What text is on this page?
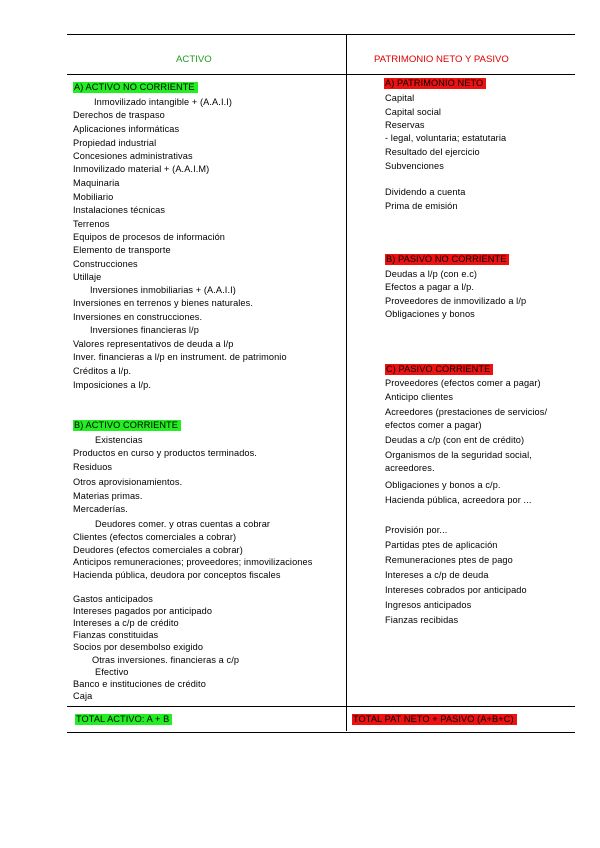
ACTIVO	PATRIMONIO NETO Y PASIVO
A) ACTIVO NO CORRIENTE
Inmovilizado intangible + (A.A.I.I)
Derechos de traspaso
Aplicaciones informáticas
Propiedad industrial
Concesiones administrativas
Inmovilizado material + (A.A.I.M)
Maquinaria
Mobiliario
Instalaciones técnicas
Terrenos
Equipos de procesos de información
Elemento de transporte
Construcciones
Utillaje
Inversiones inmobiliarias + (A.A.I.I)
Inversiones en terrenos y bienes naturales.
Inversiones en construcciones.
Inversiones financieras l/p
Valores representativos de deuda a l/p
Inver. financieras a l/p en instrument. de patrimonio
Créditos a l/p.
Imposiciones a l/p.
B) ACTIVO CORRIENTE
Existencias
Productos en curso y productos terminados.
Residuos
Otros aprovisionamientos.
Materias primas.
Mercaderías.
Deudores comer. y otras cuentas a cobrar
Clientes (efectos comerciales a cobrar)
Deudores (efectos comerciales a cobrar)
Anticipos remuneraciones; proveedores; inmovilizaciones
Hacienda pública, deudora por conceptos fiscales
Gastos anticipados
Intereses pagados por anticipado
Intereses a c/p de crédito
Fianzas constituidas
Socios por desembolso exigido
Otras inversiones. financieras a c/p
Efectivo
Banco e instituciones de crédito
Caja
TOTAL ACTIVO: A + B
A) PATRIMONIO NETO
Capital
Capital social
Reservas
- legal, voluntaria; estatutaria
Resultado del ejercicio
Subvenciones
Dividendo a cuenta
Prima de emisión
B) PASIVO NO CORRIENTE
Deudas a l/p (con e.c)
Efectos a pagar a l/p.
Proveedores de inmovilizado a l/p
Obligaciones y bonos
C) PASIVO CORRIENTE
Proveedores (efectos comer a pagar)
Anticipo clientes
Acreedores (prestaciones de servicios/
efectos comer a pagar)
Deudas a c/p (con ent de crédito)
Organismos de la seguridad social,
acreedores.
Obligaciones y bonos a c/p.
Hacienda pública, acreedora por ...
Provisión por...
Partidas ptes de aplicación
Remuneraciones ptes de pago
Intereses a c/p de deuda
Intereses cobrados por anticipado
Ingresos anticipados
Fianzas recibidas
TOTAL PAT NETO + PASIVO (A+B+C)
